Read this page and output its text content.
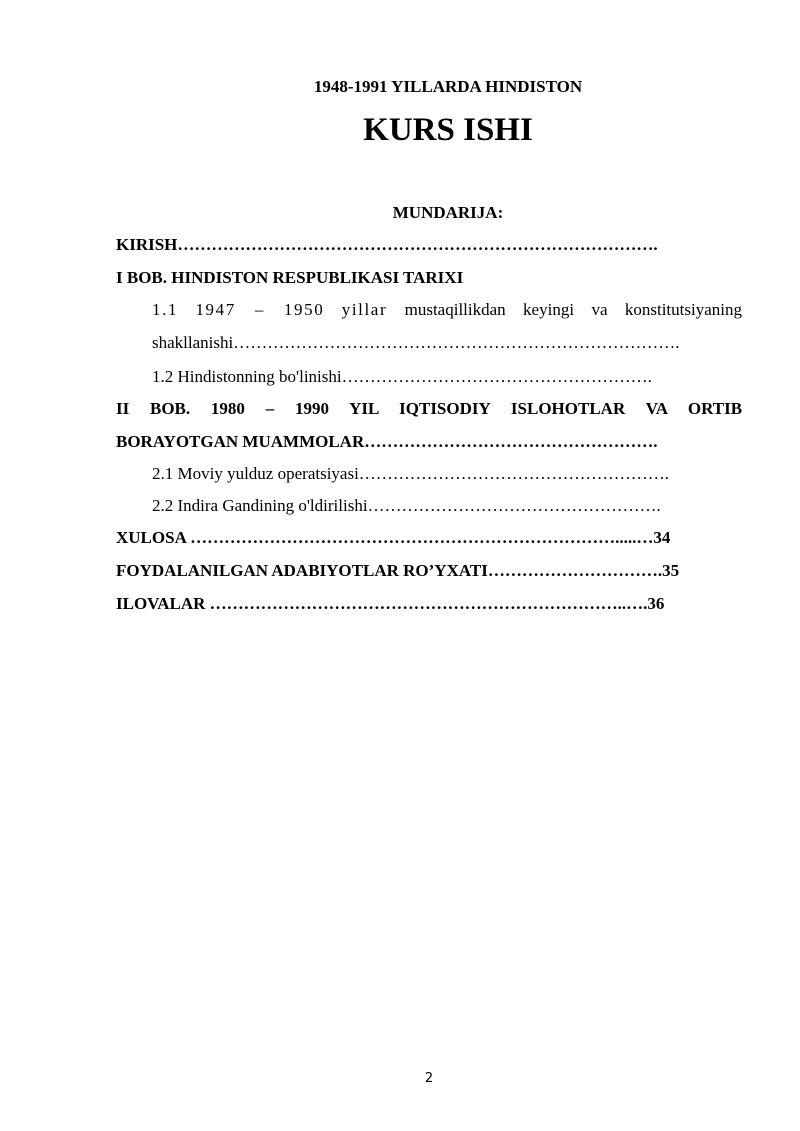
1948-1991 YILLARDA HINDISTON
KURS ISHI
MUNDARIJA:
KIRISH………………………………………………………………………….
I BOB. HINDISTON RESPUBLIKASI TARIXI
1.1 1947 – 1950 yillar mustaqillikdan keyingi va konstitutsiyaning
shakllanishi…………………………………………………………………….
1.2 Hindistonning bo'linishi……………………………………………….
II BOB. 1980 – 1990 YIL IQTISODIY ISLOHOTLAR VA ORTIB
BORAYOTGAN MUAMMOLAR…………………………………………….
2.1 Moviy yulduz operatsiyasi……………………………………………….
2.2 Indira Gandining o'ldirilishi…………………………………………….
XULOSA ………………………………………………………………….....…34
FOYDALANILGAN ADABIYOTLAR RO’YXATI………………………….35
ILOVALAR ………………………………………………………………..….36
2
